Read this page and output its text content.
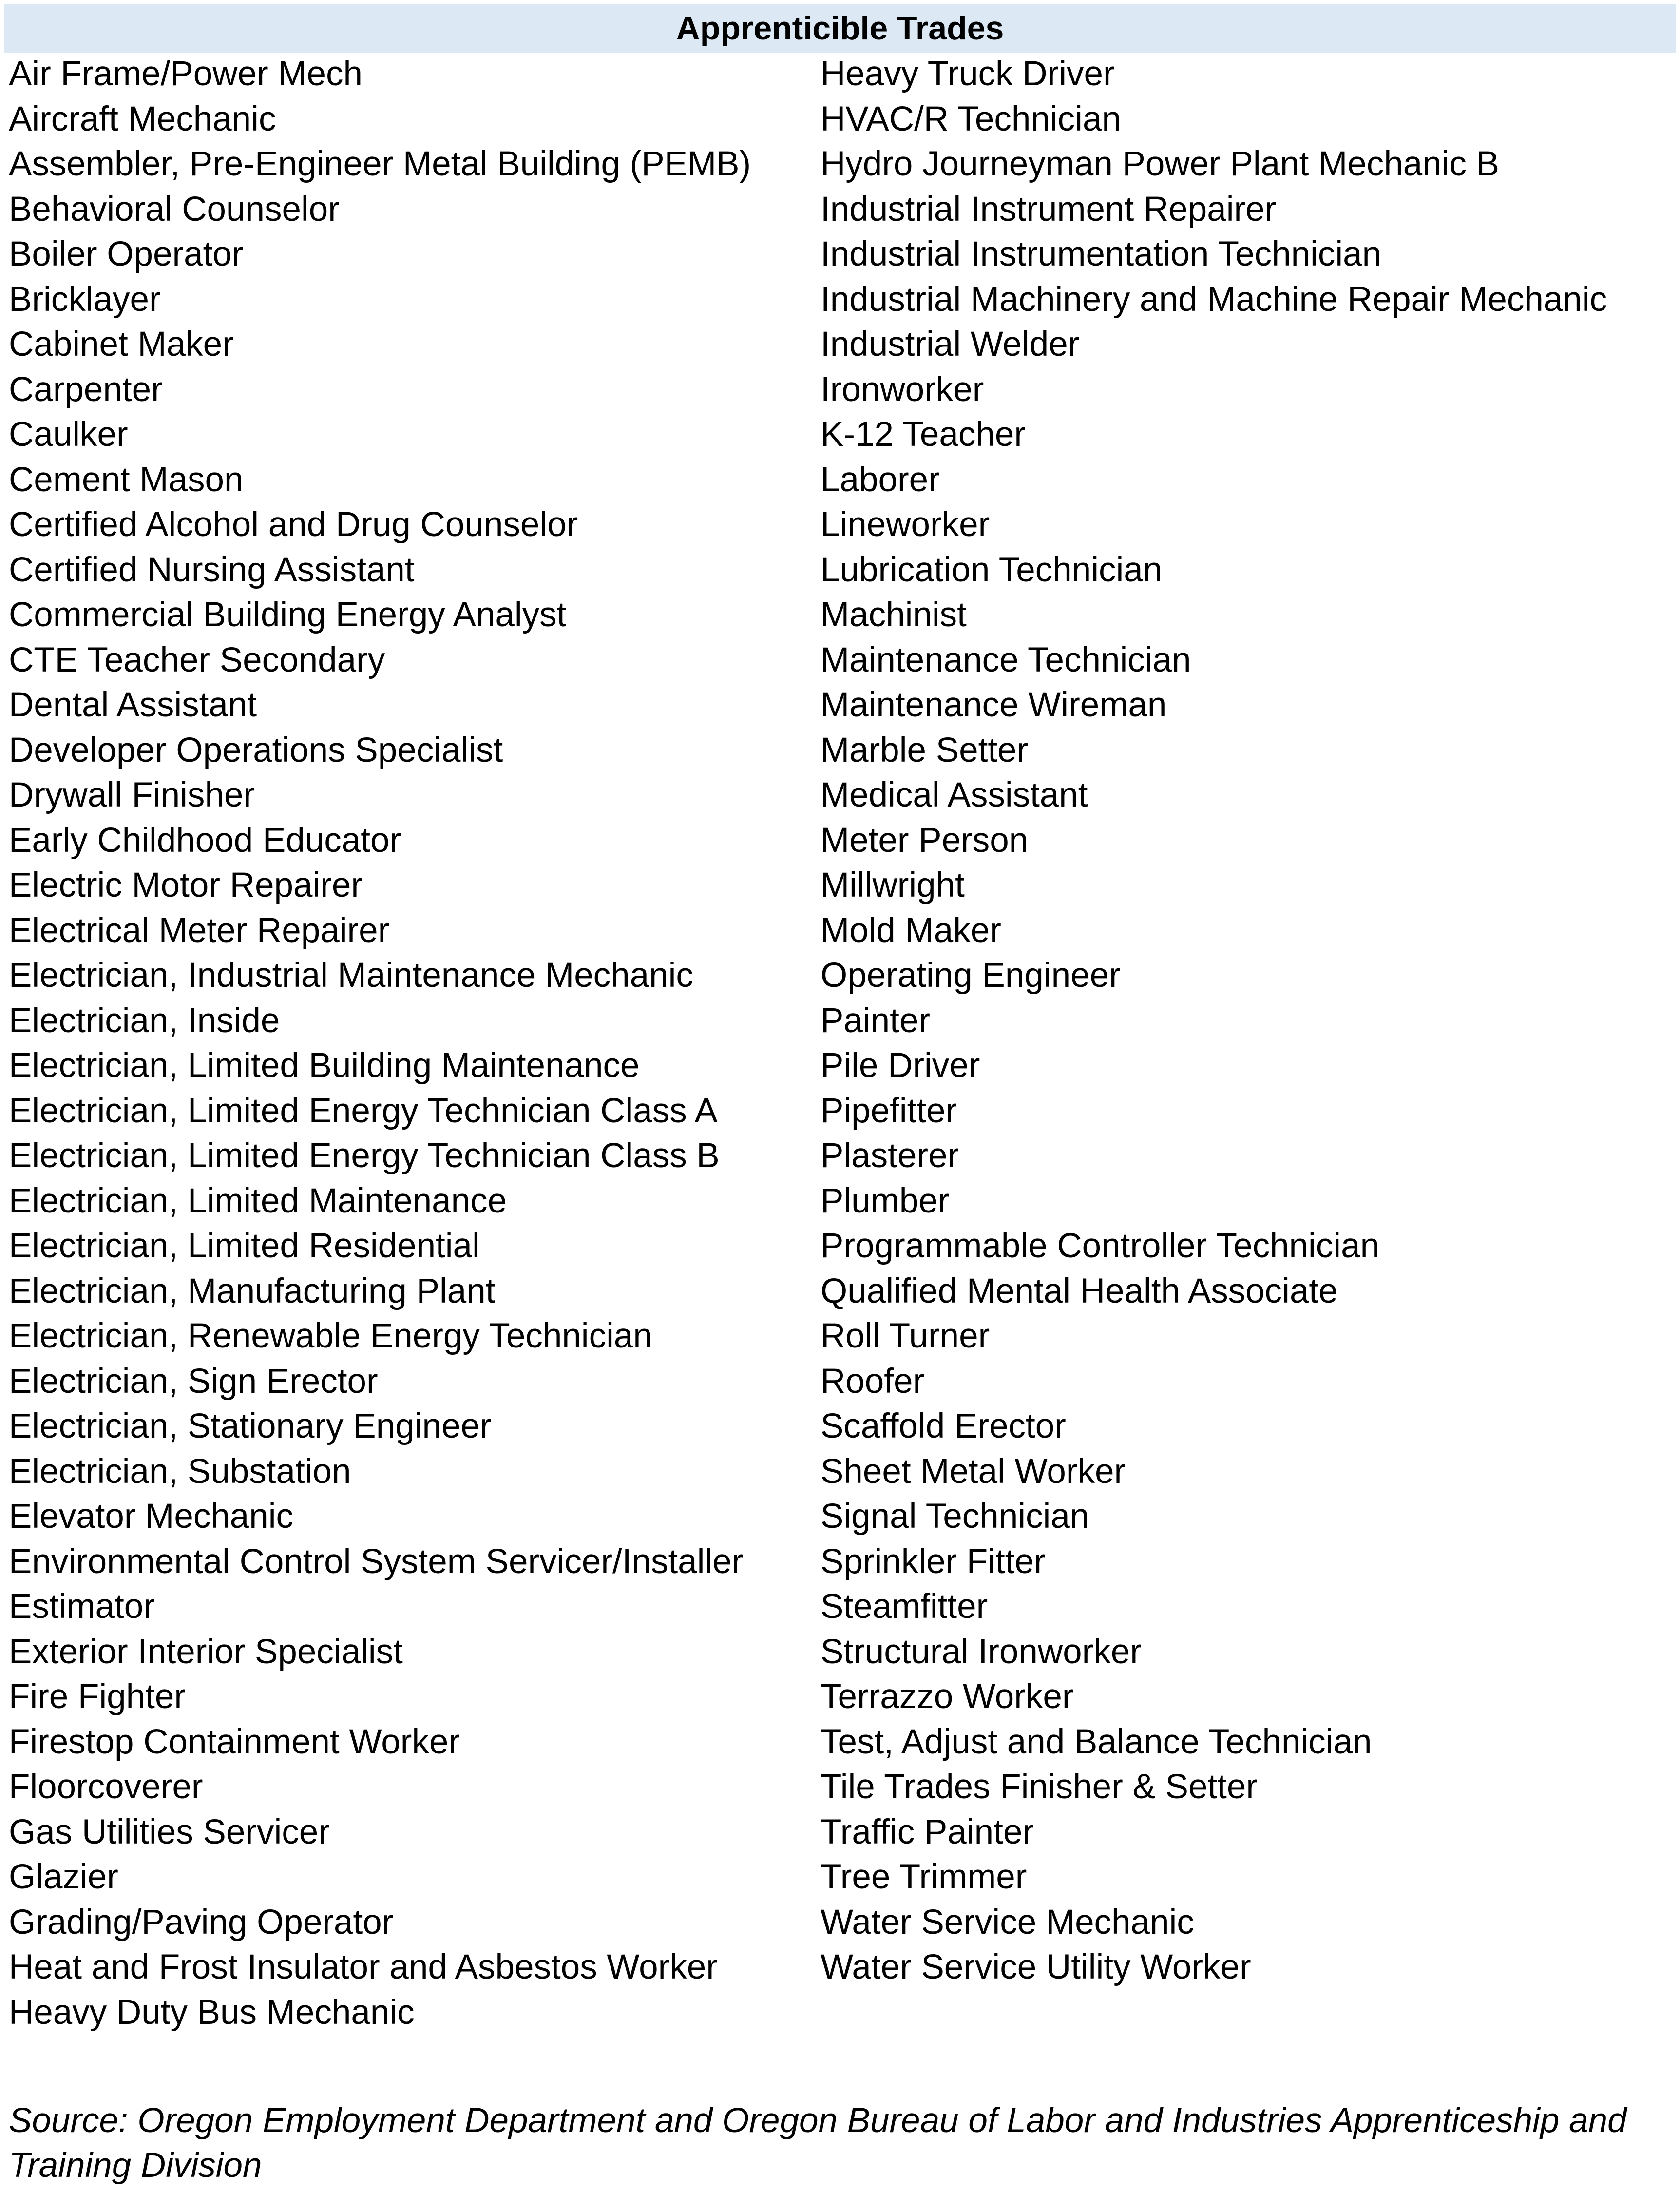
Apprenticible Trades
Air Frame/Power Mech
Aircraft Mechanic
Assembler, Pre-Engineer Metal Building (PEMB)
Behavioral Counselor
Boiler Operator
Bricklayer
Cabinet Maker
Carpenter
Caulker
Cement Mason
Certified Alcohol and Drug Counselor
Certified Nursing Assistant
Commercial Building Energy Analyst
CTE Teacher Secondary
Dental Assistant
Developer Operations Specialist
Drywall Finisher
Early Childhood Educator
Electric Motor Repairer
Electrical Meter Repairer
Electrician, Industrial Maintenance Mechanic
Electrician, Inside
Electrician, Limited Building Maintenance
Electrician, Limited Energy Technician Class A
Electrician, Limited Energy Technician Class B
Electrician, Limited Maintenance
Electrician, Limited Residential
Electrician, Manufacturing Plant
Electrician, Renewable Energy Technician
Electrician, Sign Erector
Electrician, Stationary Engineer
Electrician, Substation
Elevator Mechanic
Environmental Control System Servicer/Installer
Estimator
Exterior Interior Specialist
Fire Fighter
Firestop Containment Worker
Floorcoverer
Gas Utilities Servicer
Glazier
Grading/Paving Operator
Heat and Frost Insulator and Asbestos Worker
Heavy Duty Bus Mechanic
Heavy Truck Driver
HVAC/R Technician
Hydro Journeyman Power Plant Mechanic B
Industrial Instrument Repairer
Industrial Instrumentation Technician
Industrial Machinery and Machine Repair Mechanic
Industrial Welder
Ironworker
K-12 Teacher
Laborer
Lineworker
Lubrication Technician
Machinist
Maintenance Technician
Maintenance Wireman
Marble Setter
Medical Assistant
Meter Person
Millwright
Mold Maker
Operating Engineer
Painter
Pile Driver
Pipefitter
Plasterer
Plumber
Programmable Controller Technician
Qualified Mental Health Associate
Roll Turner
Roofer
Scaffold Erector
Sheet Metal Worker
Signal Technician
Sprinkler Fitter
Steamfitter
Structural Ironworker
Terrazzo Worker
Test, Adjust and Balance Technician
Tile Trades Finisher & Setter
Traffic Painter
Tree Trimmer
Water Service Mechanic
Water Service Utility Worker
Source: Oregon Employment Department and Oregon Bureau of Labor and Industries Apprenticeship and Training Division
